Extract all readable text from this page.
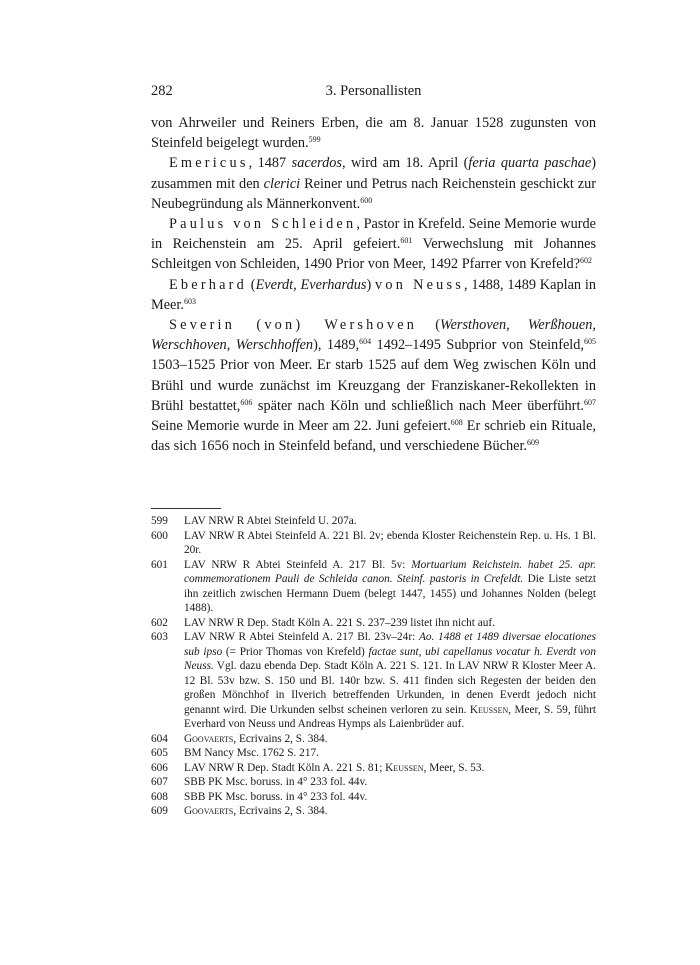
282	3. Personallisten

von Ahrweiler und Reiners Erben, die am 8. Januar 1528 zugunsten von Steinfeld beigelegt wurden.$^{599}$

Emericus, 1487 sacerdos, wird am 18. April (feria quarta paschae) zusammen mit den clerici Reiner und Petrus nach Reichenstein geschickt zur Neubegründung als Männerkonvent.$^{600}$

Paulus von Schleiden, Pastor in Krefeld. Seine Memorie wurde in Reichenstein am 25. April gefeiert.$^{601}$ Verwechslung mit Johannes Schleitgen von Schleiden, 1490 Prior von Meer, 1492 Pfarrer von Krefeld?$^{602}$

Eberhard (Everdt, Everhardus) von Neuss, 1488, 1489 Kaplan in Meer.$^{603}$

Severin (von) Wershoven (Wersthoven, Werßhouen, Werschhoven, Werschhoffen), 1489,$^{604}$ 1492–1495 Subprior von Steinfeld,$^{605}$ 1503–1525 Prior von Meer. Er starb 1525 auf dem Weg zwischen Köln und Brühl und wurde zunächst im Kreuzgang der Franziskaner-Rekollekten in Brühl bestattet,$^{606}$ später nach Köln und schließlich nach Meer überführt.$^{607}$ Seine Memorie wurde in Meer am 22. Juni gefeiert.$^{608}$ Er schrieb ein Rituale, das sich 1656 noch in Steinfeld befand, und verschiedene Bücher.$^{609}$

599 LAV NRW R Abtei Steinfeld U. 207a.
600 LAV NRW R Abtei Steinfeld A. 221 Bl. 2v; ebenda Kloster Reichenstein Rep. u. Hs. 1 Bl. 20r.
601 LAV NRW R Abtei Steinfeld A. 217 Bl. 5v: Mortuarium Reichstein. habet 25. apr. commemorationem Pauli de Schleida canon. Steinf. pastoris in Crefeldt. Die Liste setzt ihn zeitlich zwischen Hermann Duem (belegt 1447, 1455) und Johannes Nolden (belegt 1488).
602 LAV NRW R Dep. Stadt Köln A. 221 S. 237–239 listet ihn nicht auf.
603 LAV NRW R Abtei Steinfeld A. 217 Bl. 23v–24r: Ao. 1488 et 1489 diversae elocationes sub ipso (= Prior Thomas von Krefeld) factae sunt, ubi capellanus vocatur h. Everdt von Neuss. Vgl. dazu ebenda Dep. Stadt Köln A. 221 S. 121. In LAV NRW R Kloster Meer A. 12 Bl. 53v bzw. S. 150 und Bl. 140r bzw. S. 411 finden sich Regesten der beiden den großen Mönchhof in Ilverich betreffenden Urkunden, in denen Everdt jedoch nicht genannt wird. Die Urkunden selbst scheinen verloren zu sein. Keussen, Meer, S. 59, führt Everhard von Neuss und Andreas Hymps als Laienbrüder auf.
604 Goovaerts, Ecrivains 2, S. 384.
605 BM Nancy Msc. 1762 S. 217.
606 LAV NRW R Dep. Stadt Köln A. 221 S. 81; Keussen, Meer, S. 53.
607 SBB PK Msc. boruss. in 4° 233 fol. 44v.
608 SBB PK Msc. boruss. in 4° 233 fol. 44v.
609 Goovaerts, Ecrivains 2, S. 384.
